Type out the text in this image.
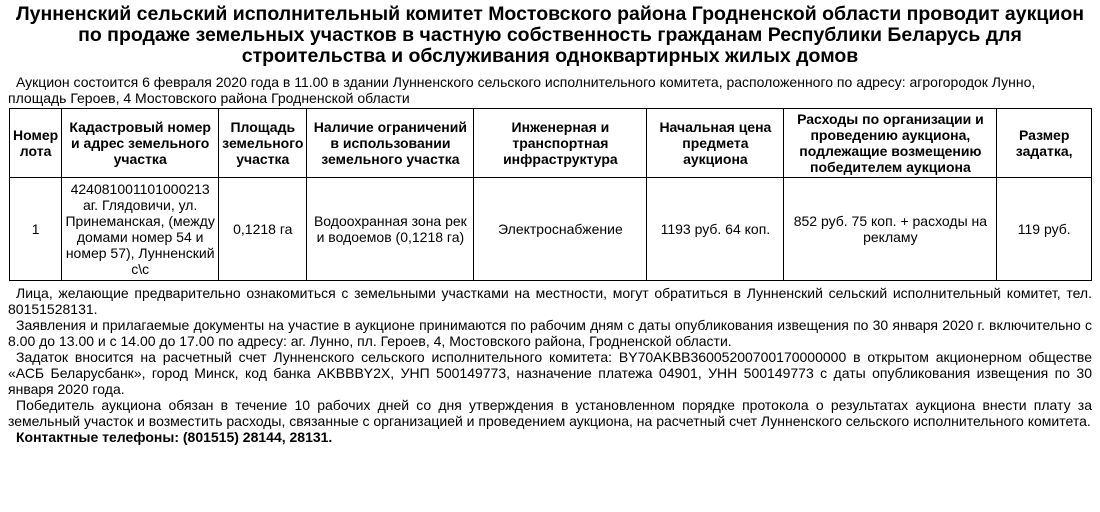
Лунненский сельский исполнительный комитет Мостовского района Гродненской области проводит аукцион по продаже земельных участков в частную собственность гражданам Республики Беларусь для строительства и обслуживания одноквартирных жилых домов

Аукцион состоится 6 февраля 2020 года в 11.00 в здании Лунненского сельского исполнительного комитета, расположенного по адресу: агрогородок Лунно, площадь Героев, 4 Мостовского района Гродненской области

Номер лота	Кадастровый номер и адрес земельного участка	Площадь земельного участка	Наличие ограничений в использовании земельного участка	Инженерная и транспортная инфраструктура	Начальная цена предмета аукциона	Расходы по организации и проведению аукциона, подлежащие возмещению победителем аукциона	Размер задатка,
1	424081001101000213 аг. Глядовичи, ул. Принеманская, (между домами номер 54 и номер 57), Лунненский с\с	0,1218 га	Водоохранная зона рек и водоемов (0,1218 га)	Электроснабжение	1193 руб. 64 коп.	852 руб. 75 коп. + расходы на рекламу	119 руб.

Лица, желающие предварительно ознакомиться с земельными участками на местности, могут обратиться в Лунненский сельский исполнительный комитет, тел. 80151528131.

Заявления и прилагаемые документы на участие в аукционе принимаются по рабочим дням с даты опубликования извещения по 30 января 2020 г. включительно с 8.00 до 13.00 и с 14.00 до 17.00 по адресу: аг. Лунно, пл. Героев, 4, Мостовского района, Гродненской области.

Задаток вносится на расчетный счет Лунненского сельского исполнительного комитета: BY70AKBB36005200700170000000 в открытом акционерном обществе «АСБ Беларусбанк», город Минск, код банка AKBBBY2X, УНП 500149773, назначение платежа 04901, УНН 500149773 с даты опубликования извещения по 30 января 2020 года.

Победитель аукциона обязан в течение 10 рабочих дней со дня утверждения в установленном порядке протокола о результатах аукциона внести плату за земельный участок и возместить расходы, связанные с организацией и проведением аукциона, на расчетный счет Лунненского сельского исполнительного комитета.

Контактные телефоны: (801515) 28144, 28131.
